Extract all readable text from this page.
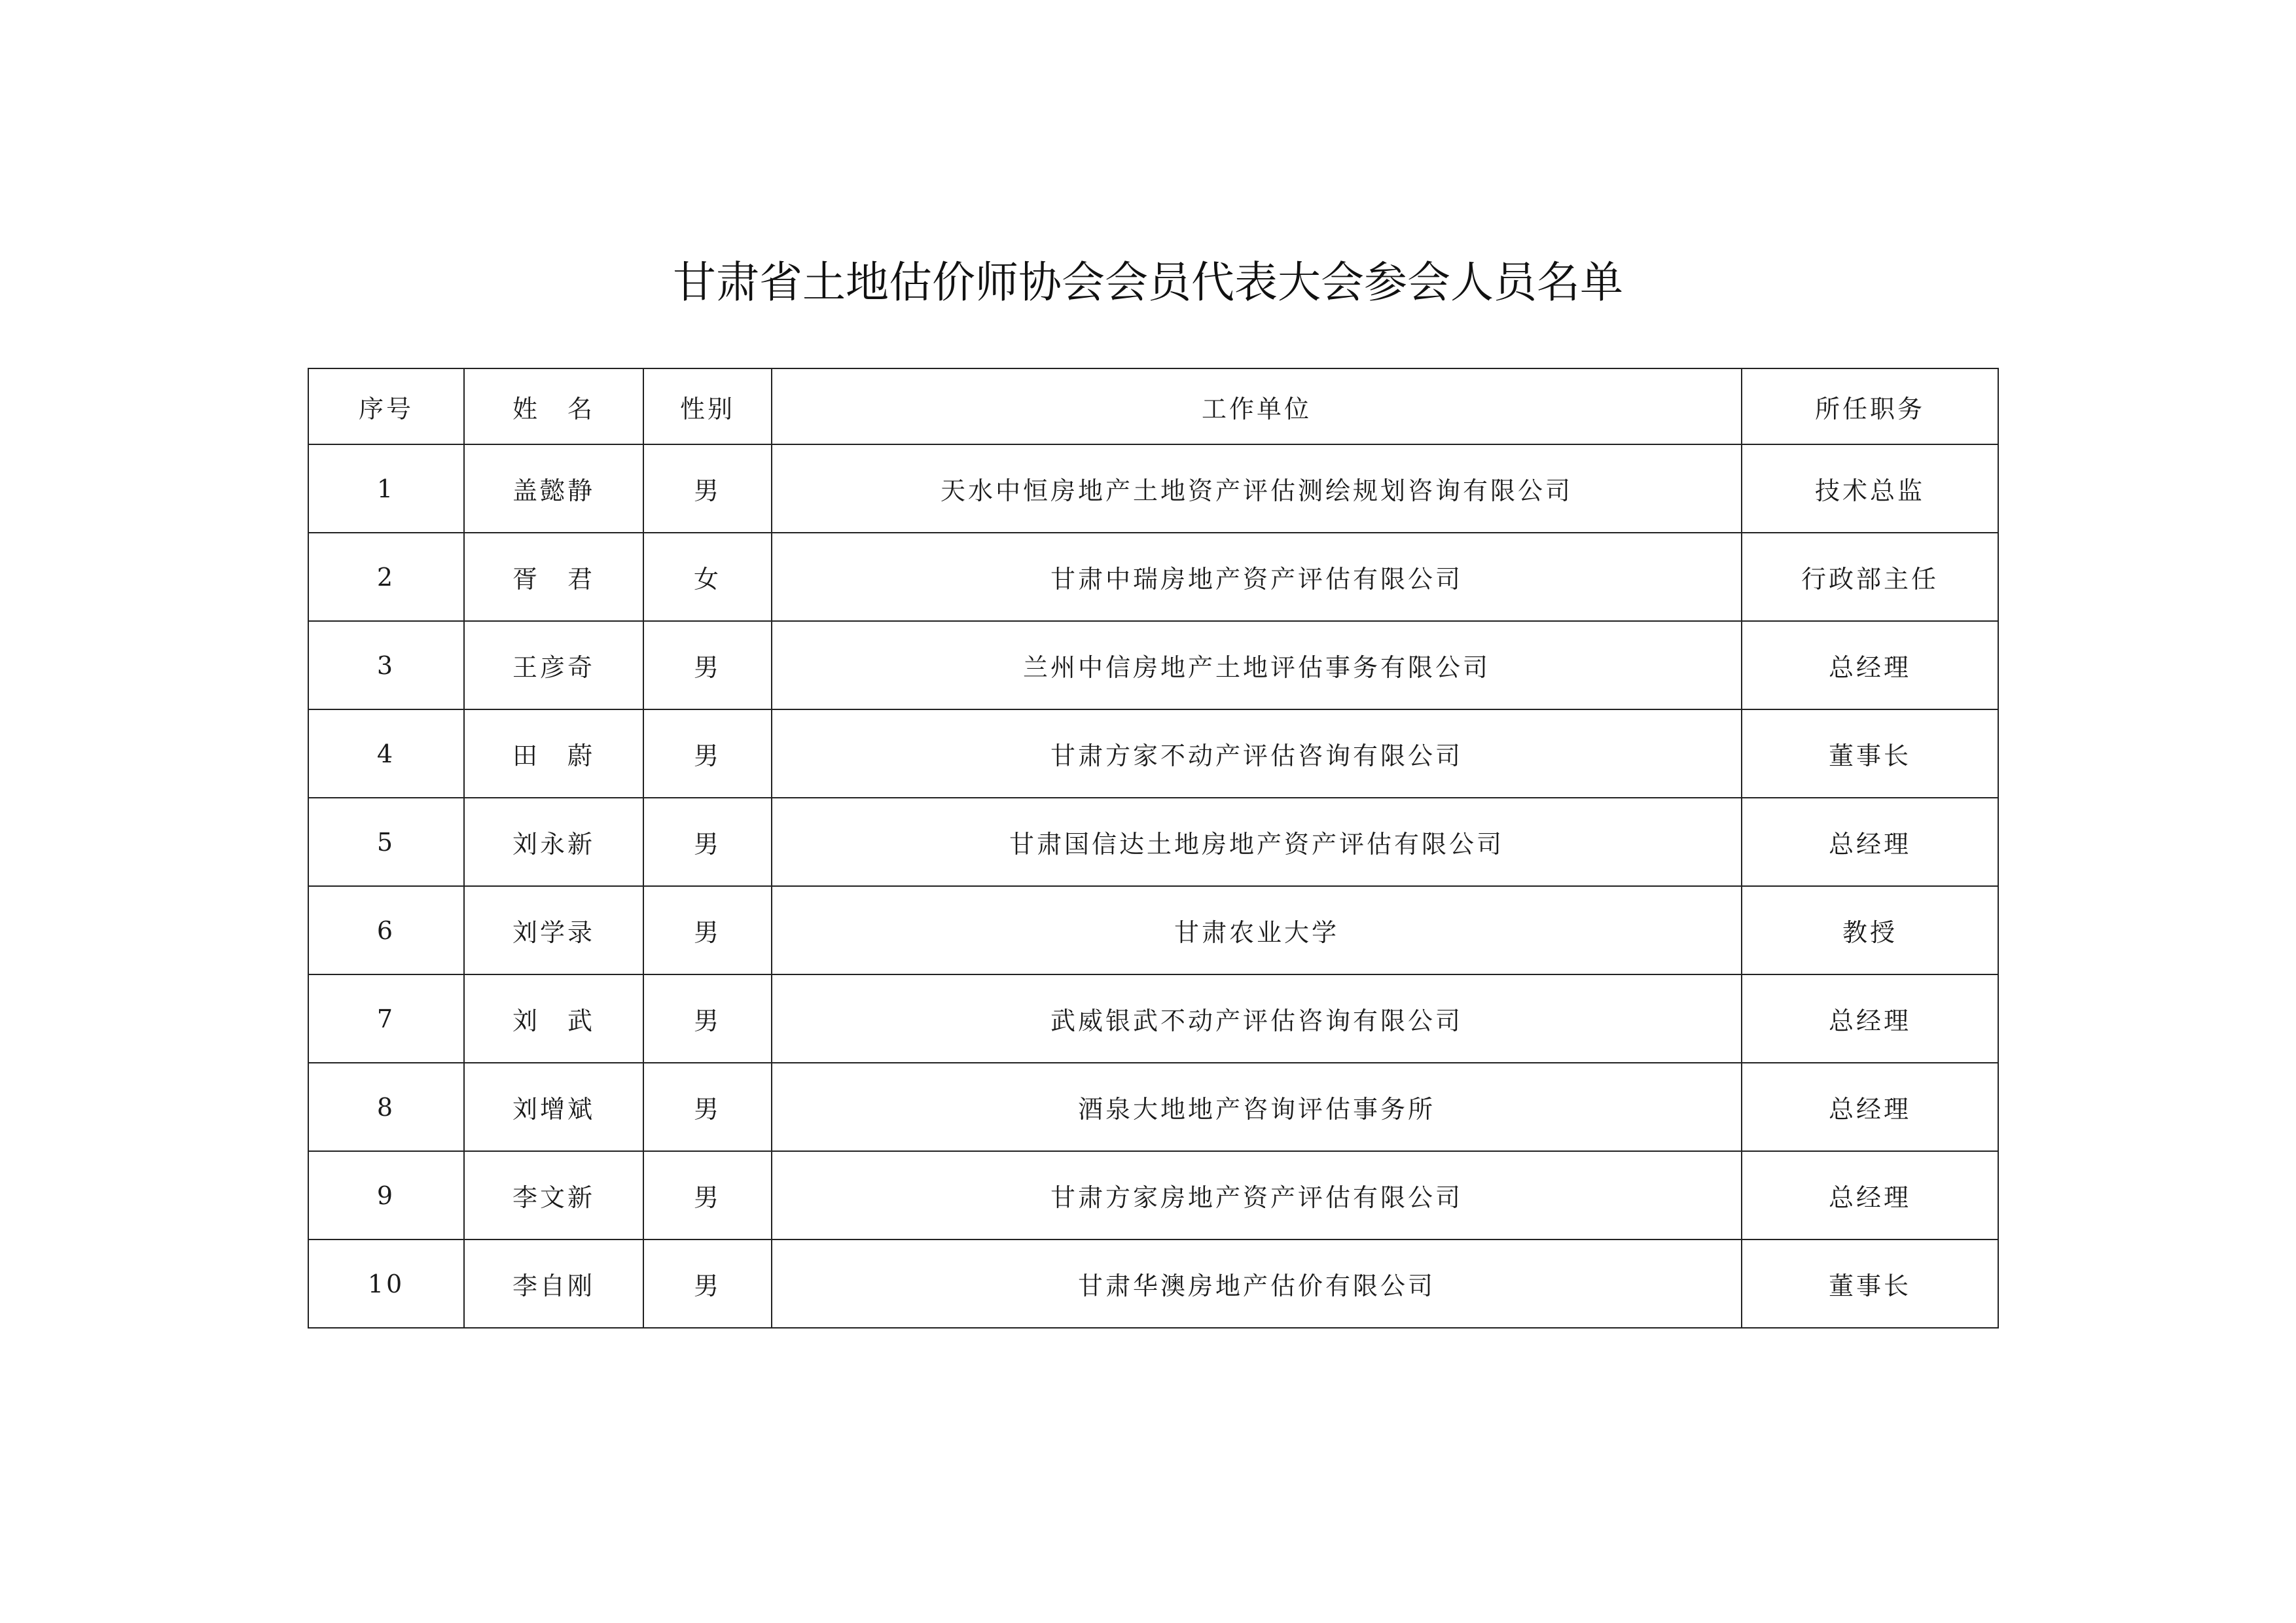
甘肃省土地估价师协会会员代表大会参会人员名单
序号	姓　名	性别	工作单位	所任职务
1	盖懿静	男	天水中恒房地产土地资产评估测绘规划咨询有限公司	技术总监
2	胥　君	女	甘肃中瑞房地产资产评估有限公司	行政部主任
3	王彦奇	男	兰州中信房地产土地评估事务有限公司	总经理
4	田　蔚	男	甘肃方家不动产评估咨询有限公司	董事长
5	刘永新	男	甘肃国信达土地房地产资产评估有限公司	总经理
6	刘学录	男	甘肃农业大学	教授
7	刘　武	男	武威银武不动产评估咨询有限公司	总经理
8	刘增斌	男	酒泉大地地产咨询评估事务所	总经理
9	李文新	男	甘肃方家房地产资产评估有限公司	总经理
10	李自刚	男	甘肃华澳房地产估价有限公司	董事长
